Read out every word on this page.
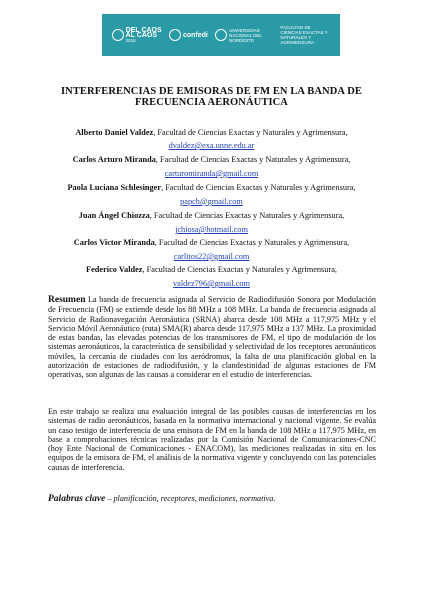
DEL CAOS
AL CAOS
2016
confedi
UNIVERSIDAD NACIONAL DEL NORDESTE
FACULTAD DE CIENCIAS EXACTAS Y NATURALES Y AGRIMENSURA
INTERFERENCIAS DE EMISORAS DE FM EN LA BANDA DE
FRECUENCIA AERONÁUTICA
Alberto Daniel Valdez, Facultad de Ciencias Exactas y Naturales y Agrimensura,
dvaldez@exa.unne.edu.ar
Carlos Arturo Miranda, Facultad de Ciencias Exactas y Naturales y Agrimensura,
carturomiranda@gmail.com
Paola Luciana Schlesinger, Facultad de Ciencias Exactas y Naturales y Agrimensura,
papch@gmail.com
Juan Ángel Chiozza, Facultad de Ciencias Exactas y Naturales y Agrimensura,
jchiosa@hotmail.com
Carlos Victor Miranda, Facultad de Ciencias Exactas y Naturales y Agrimensura,
carlitos22@gmail.com
Federico Valdez, Facultad de Ciencias Exactas y Naturales y Agrimensura,
valdez796@gmail.com
Resumen La banda de frecuencia asignada al Servicio de Radiodifusión Sonora por Modulación de Frecuencia (FM) se extiende desde los 88 MHz a 108 MHz. La banda de frecuencia asignada al Servicio de Radionavegación Aeronáutica (SRNA) abarca desde 108 MHz a 117,975 MHz y el Servicio Móvil Aeronáutico (ruta) SMA(R) abarca desde 117,975 MHz a 137 MHz. La proximidad de estas bandas, las elevadas potencias de los transmisores de FM, el tipo de modulación de los sistemas aeronáuticos, la característica de sensibilidad y selectividad de los receptores aeronáuticos móviles, la cercanía de ciudades con los aeródromos, la falta de una planificación global en la autorización de estaciones de radiodifusión, y la clandestinidad de algunas estaciones de FM operativas, son algunas de las causas a considerar en el estudio de interferencias.
En este trabajo se realiza una evaluación integral de las posibles causas de interferencias en los sistemas de radio aeronáuticos, basada en la normativa internacional y nacional vigente. Se evalúa un caso testigo de interferencia de una emisora de FM en la banda de 108 MHz a 117,975 MHz, en base a comprobaciones técnicas realizadas por la Comisión Nacional de Comunicaciones-CNC (hoy Ente Nacional de Comunicaciones - ENACOM), las mediciones realizadas in situ en los equipos de la emisora de FM, el análisis de la normativa vigente y concluyendo con las potenciales causas de interferencia.
Palabras clave – planificación, receptores, mediciones, normativa.
